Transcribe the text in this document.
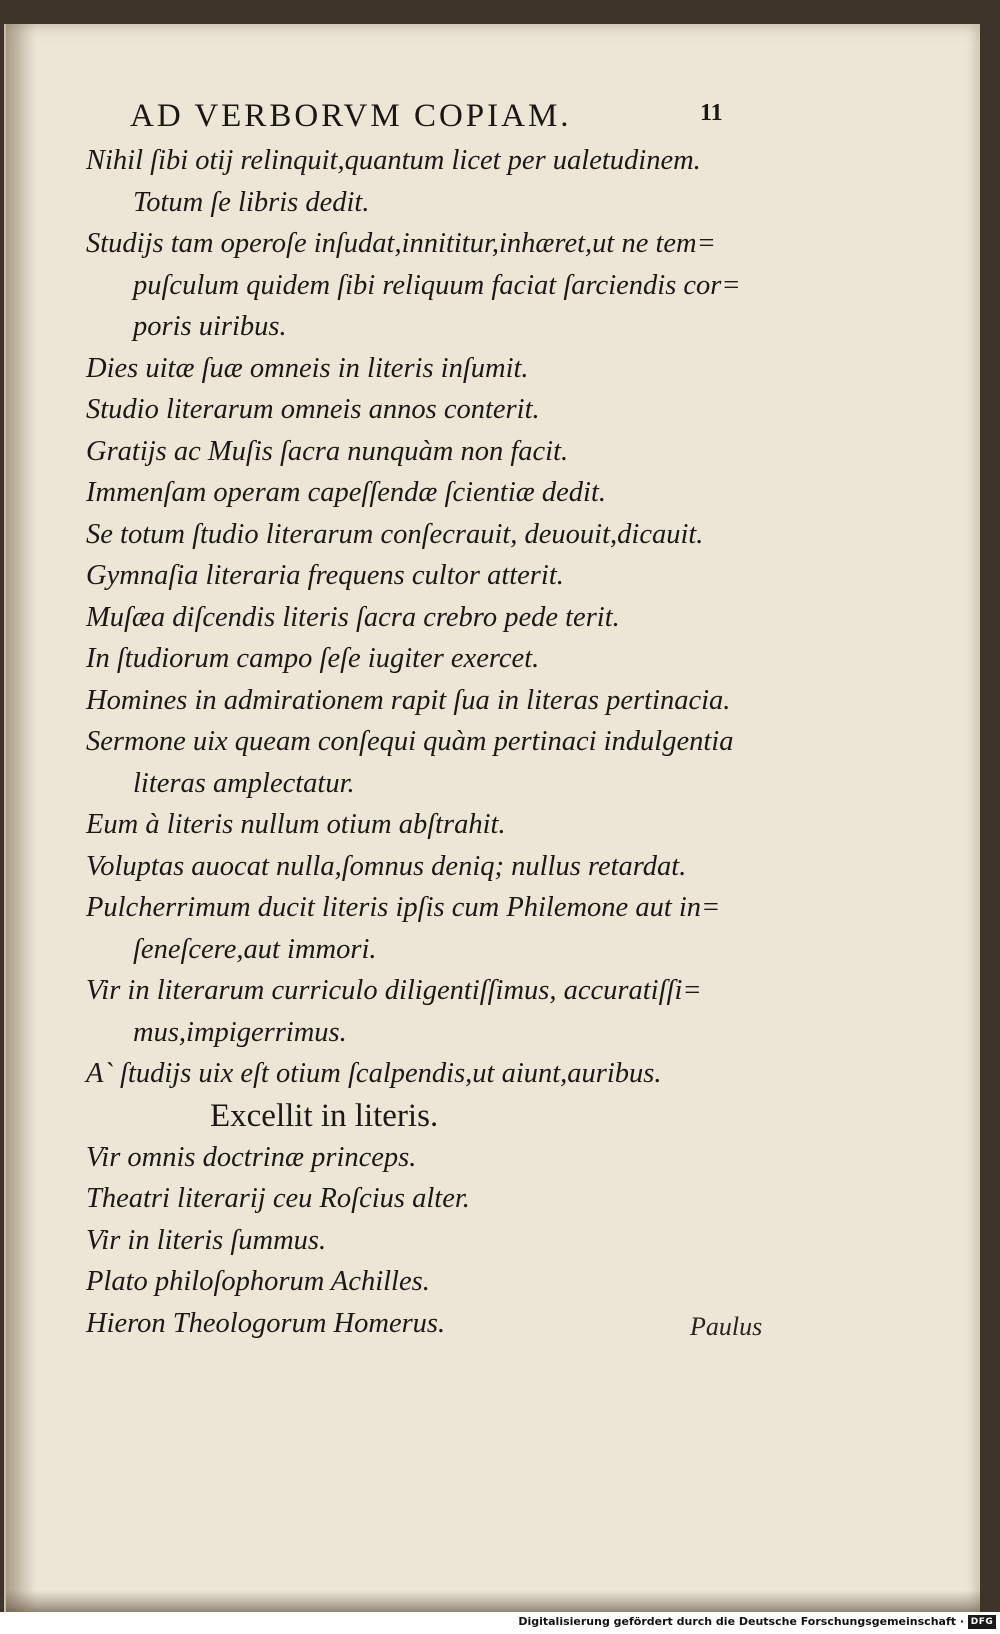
AD VERBORVM COPIAM.	11
Nihil ſibi otij relinquit,quantum licet per ualetudinem.
Totum ſe libris dedit.
Studijs tam operoſe inſudat,innititur,inhæret,ut ne tem=
puſculum quidem ſibi reliquum faciat ſarciendis cor=
poris uiribus.
Dies uitæ ſuæ omneis in literis inſumit.
Studio literarum omneis annos conterit.
Gratijs ac Muſis ſacra nunquàm non facit.
Immenſam operam capeſſendæ ſcientiæ dedit.
Se totum ſtudio literarum conſecrauit, deuouit,dicauit.
Gymnaſia literaria frequens cultor atterit.
Muſæa diſcendis literis ſacra crebro pede terit.
In ſtudiorum campo ſeſe iugiter exercet.
Homines in admirationem rapit ſua in literas pertinacia.
Sermone uix queam conſequi quàm pertinaci indulgentia
literas amplectatur.
Eum à literis nullum otium abſtrahit.
Voluptas auocat nulla,ſomnus deniq; nullus retardat.
Pulcherrimum ducit literis ipſis cum Philemone aut in=
ſeneſcere,aut immori.
Vir in literarum curriculo diligentiſſimus, accuratiſſi=
mus,impigerrimus.
A` ſtudijs uix eſt otium ſcalpendis,ut aiunt,auribus.
Excellit in literis.
Vir omnis doctrinæ princeps.
Theatri literarij ceu Roſcius alter.
Vir in literis ſummus.
Plato philoſophorum Achilles.
Hieron Theologorum Homerus.	Paulus
Digitalisierung gefördert durch die Deutsche Forschungsgemeinschaft · DFG
